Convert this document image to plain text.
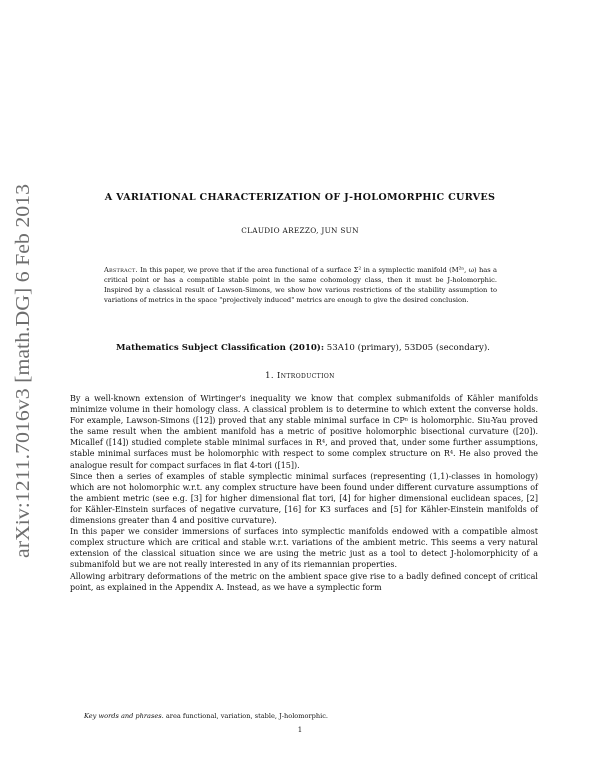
arXiv:1211.7016v3 [math.DG] 6 Feb 2013
A VARIATIONAL CHARACTERIZATION OF J-HOLOMORPHIC CURVES
CLAUDIO AREZZO, JUN SUN

Abstract. In this paper, we prove that if the area functional of a surface Σ² in a symplectic manifold (M²ⁿ, ω) has a critical point or has a compatible stable point in the same cohomology class, then it must be J-holomorphic. Inspired by a classical result of Lawson-Simons, we show how various restrictions of the stability assumption to variations of metrics in the space "projectively induced" metrics are enough to give the desired conclusion.

Mathematics Subject Classification (2010): 53A10 (primary), 53D05 (secondary).

1. Introduction

By a well-known extension of Wirtinger's inequality we know that complex submanifolds of Kähler manifolds minimize volume in their homology class. A classical problem is to determine to which extent the converse holds. For example, Lawson-Simons ([12]) proved that any stable minimal surface in CPⁿ is holomorphic. Siu-Yau proved the same result when the ambient manifold has a metric of positive holomorphic bisectional curvature ([20]). Micallef ([14]) studied complete stable minimal surfaces in R⁴, and proved that, under some further assumptions, stable minimal surfaces must be holomorphic with respect to some complex structure on R⁴. He also proved the analogue result for compact surfaces in flat 4-tori ([15]).

Since then a series of examples of stable symplectic minimal surfaces (representing (1,1)-classes in homology) which are not holomorphic w.r.t. any complex structure have been found under different curvature assumptions of the ambient metric (see e.g. [3] for higher dimensional flat tori, [4] for higher dimensional euclidean spaces, [2] for Kähler-Einstein surfaces of negative curvature, [16] for K3 surfaces and [5] for Kähler-Einstein manifolds of dimensions greater than 4 and positive curvature).

In this paper we consider immersions of surfaces into symplectic manifolds endowed with a compatible almost complex structure which are critical and stable w.r.t. variations of the ambient metric. This seems a very natural extension of the classical situation since we are using the metric just as a tool to detect J-holomorphicity of a submanifold but we are not really interested in any of its riemannian properties.

Allowing arbitrary deformations of the metric on the ambient space give rise to a badly defined concept of critical point, as explained in the Appendix A. Instead, as we have a symplectic form

Key words and phrases. area functional, variation, stable, J-holomorphic.

1
